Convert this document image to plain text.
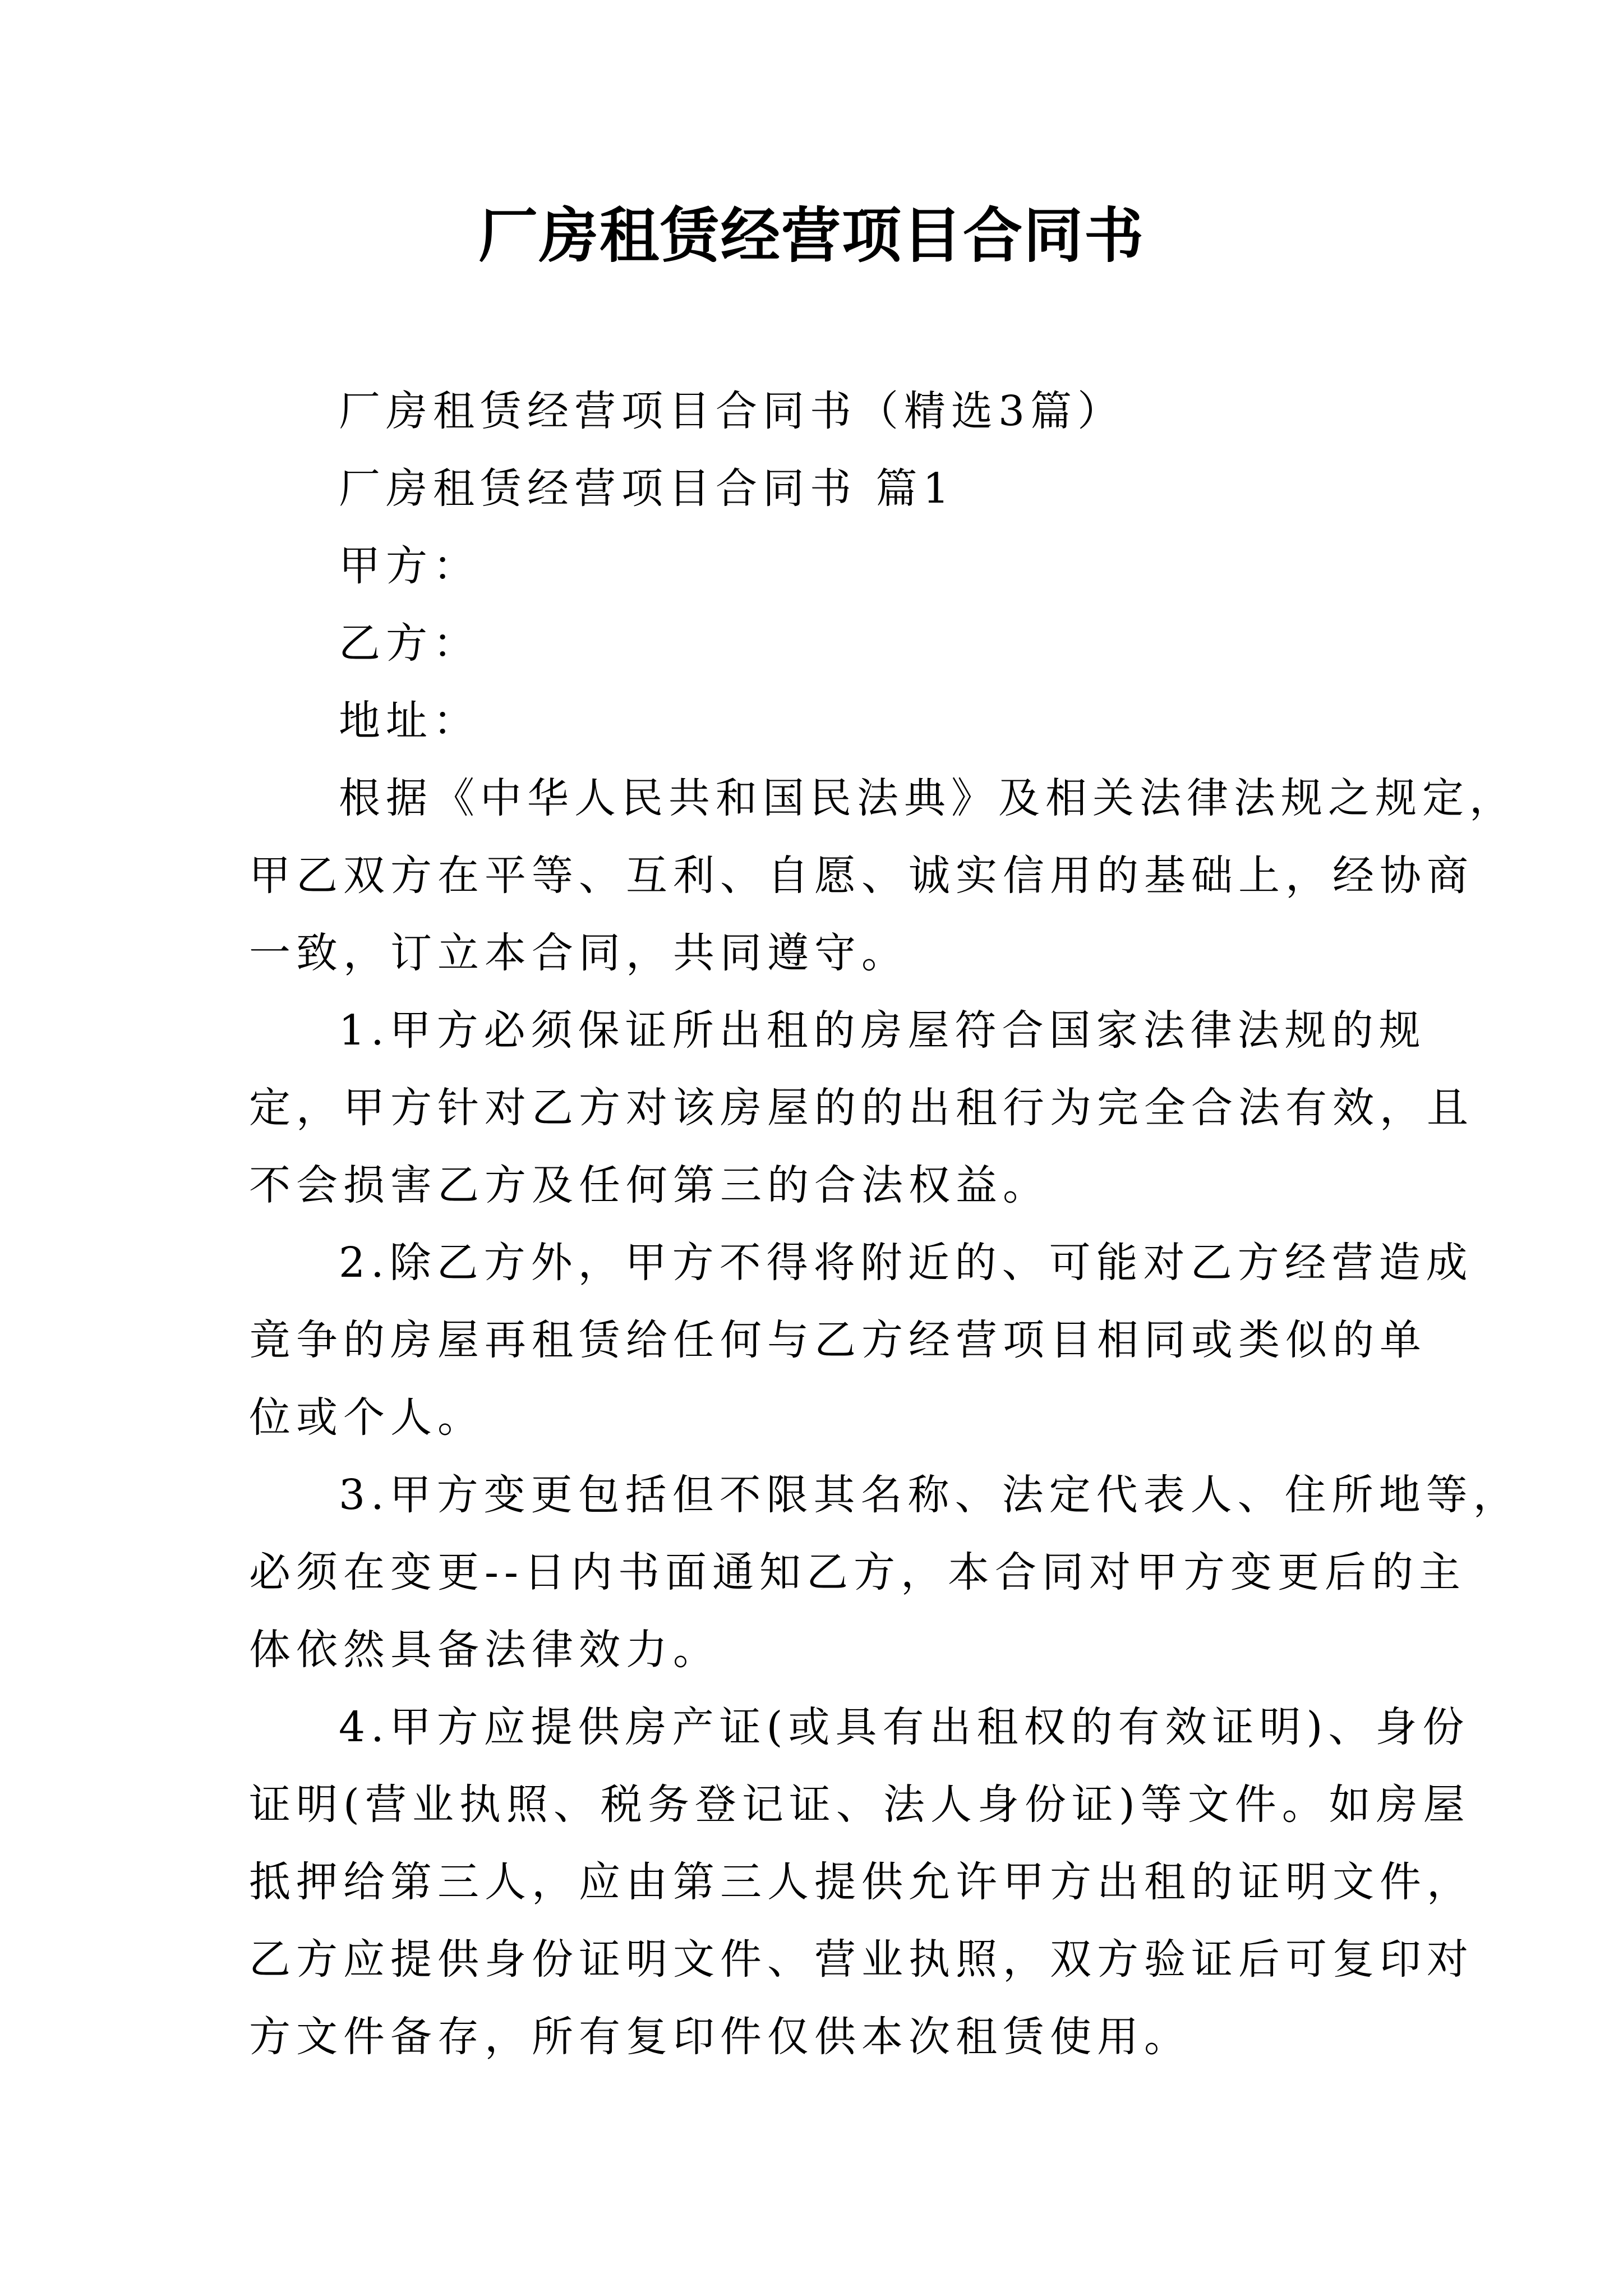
厂房租赁经营项目合同书

厂房租赁经营项目合同书（精选3篇）

厂房租赁经营项目合同书 篇1

甲方：

乙方：

地址：

根据《中华人民共和国民法典》及相关法律法规之规定，

甲乙双方在平等、互利、自愿、诚实信用的基础上，经协商

一致，订立本合同，共同遵守。

1.甲方必须保证所出租的房屋符合国家法律法规的规

定，甲方针对乙方对该房屋的的出租行为完全合法有效，且

不会损害乙方及任何第三的合法权益。

2.除乙方外，甲方不得将附近的、可能对乙方经营造成

竟争的房屋再租赁给任何与乙方经营项目相同或类似的单

位或个人。

3.甲方变更包括但不限其名称、法定代表人、住所地等，

必须在变更--日内书面通知乙方，本合同对甲方变更后的主

体依然具备法律效力。

4.甲方应提供房产证(或具有出租权的有效证明)、身份

证明(营业执照、税务登记证、法人身份证)等文件。如房屋

抵押给第三人，应由第三人提供允许甲方出租的证明文件，

乙方应提供身份证明文件、营业执照，双方验证后可复印对

方文件备存，所有复印件仅供本次租赁使用。
